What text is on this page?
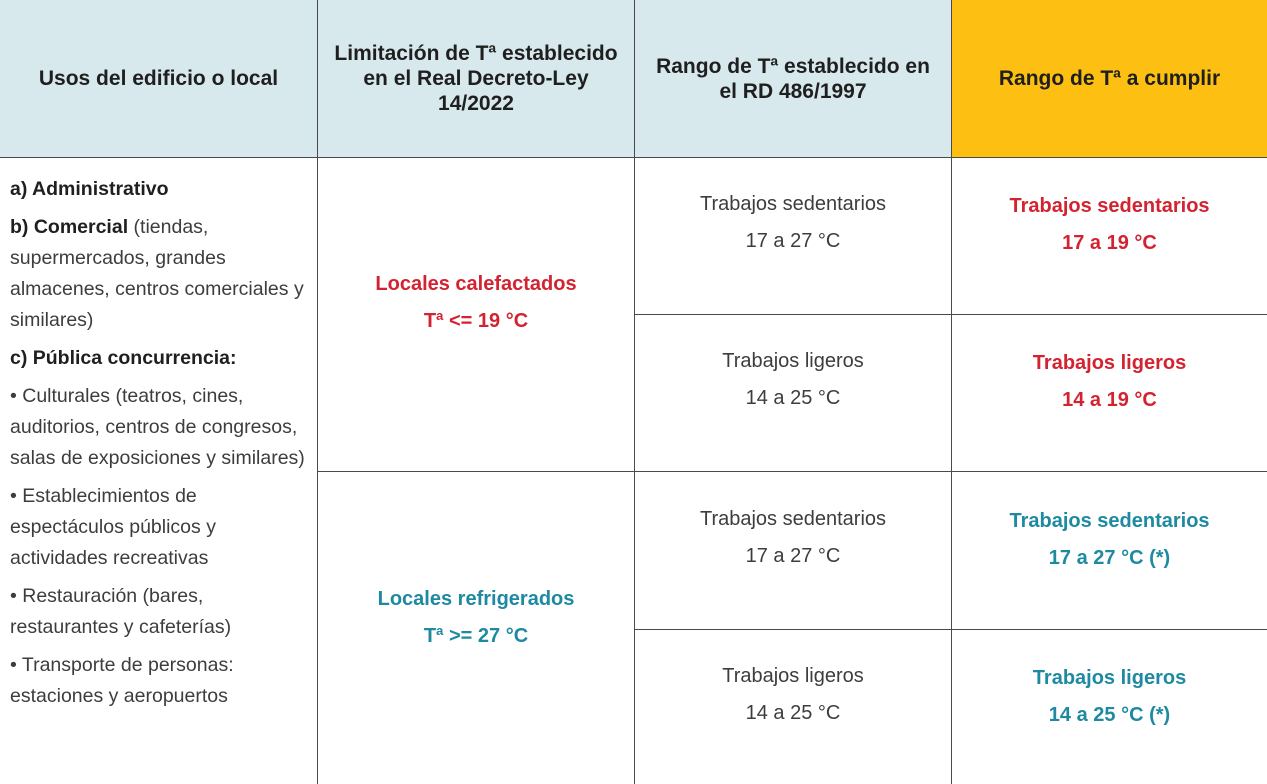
Usos del edificio o local
Limitación de Tª establecido en el Real Decreto-Ley 14/2022
Rango de Tª establecido en el RD 486/1997
Rango de Tª a cumplir

a) Administrativo

b) Comercial (tiendas, supermercados, grandes almacenes, centros comerciales y similares)

c) Pública concurrencia:

• Culturales (teatros, cines, auditorios, centros de congresos, salas de exposiciones y similares)

• Establecimientos de espectáculos públicos y actividades recreativas

• Restauración (bares, restaurantes y cafeterías)

• Transporte de personas: estaciones y aeropuertos

Locales calefactados
Tª <= 19 °C
Locales refrigerados
Tª >= 27 °C
Trabajos sedentarios
17 a 27 °C
Trabajos ligeros
14 a 25 °C
Trabajos sedentarios
17 a 27 °C
Trabajos ligeros
14 a 25 °C
Trabajos sedentarios
17 a 19 °C
Trabajos ligeros
14 a 19 °C
Trabajos sedentarios
17 a 27 °C (*)
Trabajos ligeros
14 a 25 °C (*)
